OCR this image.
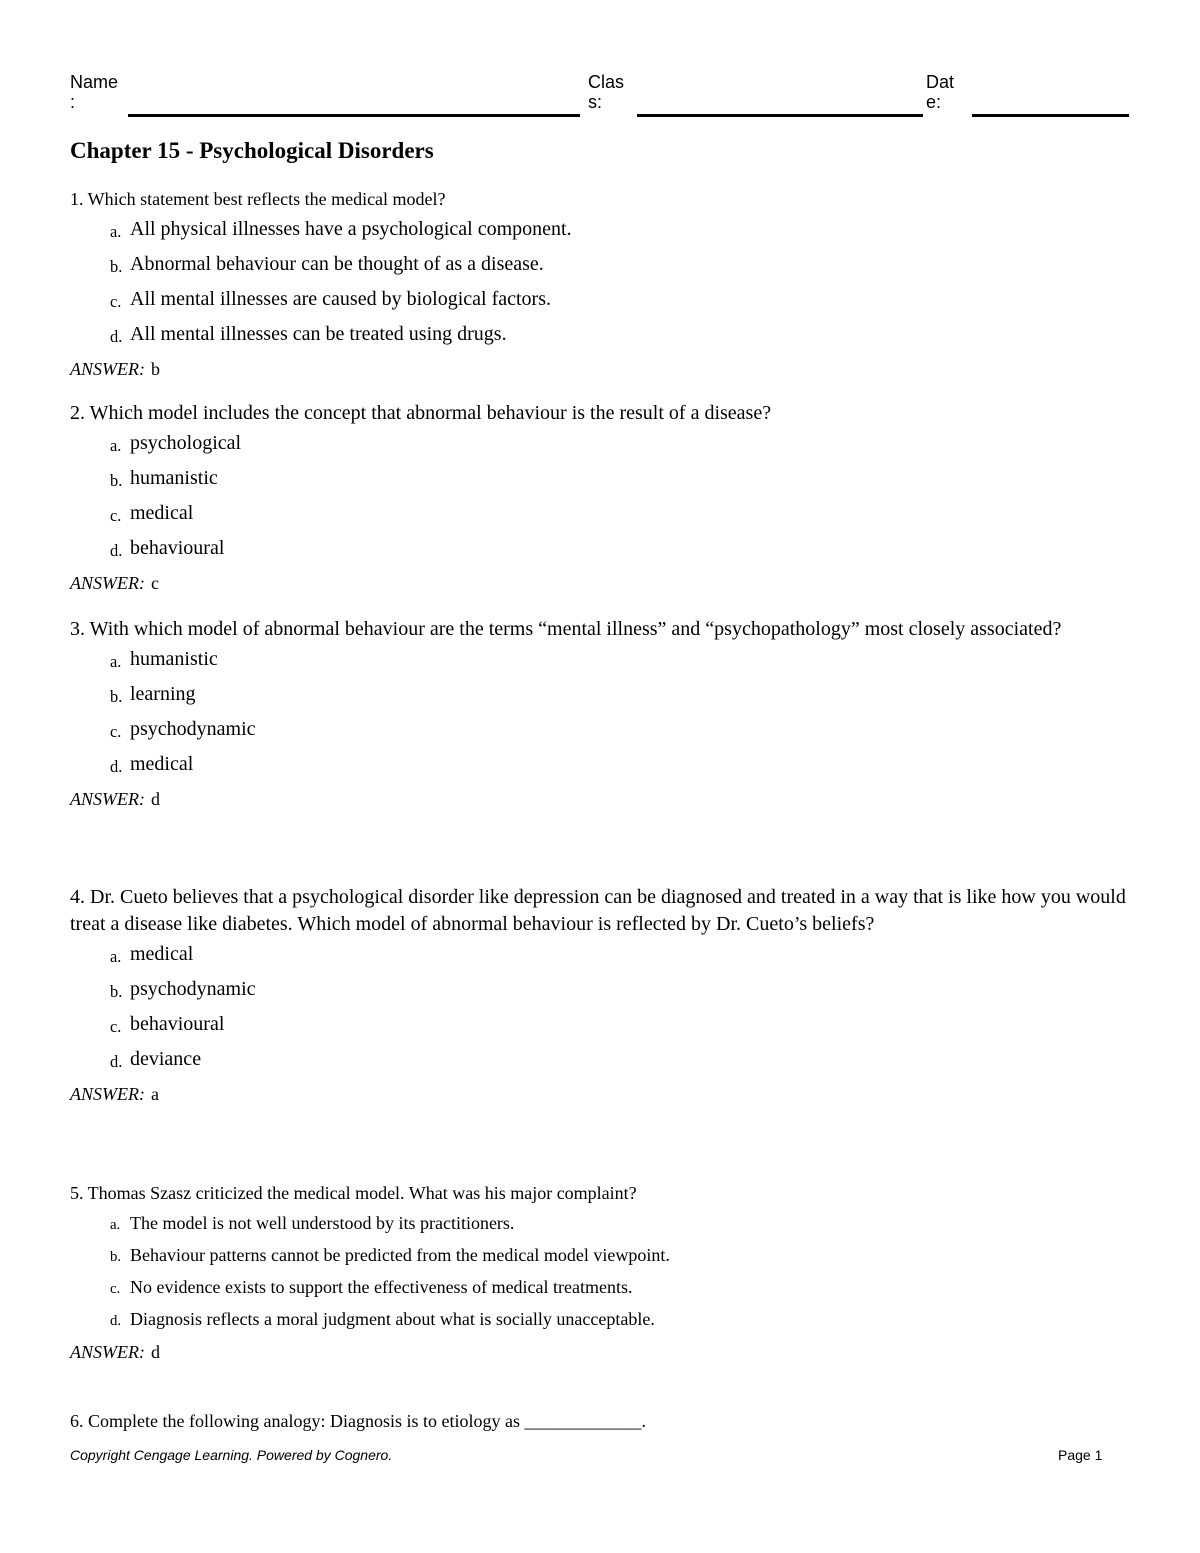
Name
:
Clas
s:
Dat
e:
Chapter 15 - Psychological Disorders

1. Which statement best reflects the medical model?

a. All physical illnesses have a psychological component.
b. Abnormal behaviour can be thought of as a disease.
c. All mental illnesses are caused by biological factors.
d. All mental illnesses can be treated using drugs.
ANSWER: b

2. Which model includes the concept that abnormal behaviour is the result of a disease?

a. psychological
b. humanistic
c. medical
d. behavioural
ANSWER: c

3. With which model of abnormal behaviour are the terms “mental illness” and “psychopathology” most closely associated?

a. humanistic
b. learning
c. psychodynamic
d. medical
ANSWER: d

4. Dr. Cueto believes that a psychological disorder like depression can be diagnosed and treated in a way that is like how you would treat a disease like diabetes. Which model of abnormal behaviour is reflected by Dr. Cueto’s beliefs?

a. medical
b. psychodynamic
c. behavioural
d. deviance
ANSWER: a

5. Thomas Szasz criticized the medical model. What was his major complaint?

a. The model is not well understood by its practitioners.
b. Behaviour patterns cannot be predicted from the medical model viewpoint.
c. No evidence exists to support the effectiveness of medical treatments.
d. Diagnosis reflects a moral judgment about what is socially unacceptable.
ANSWER: d

6. Complete the following analogy: Diagnosis is to etiology as _____________.

Copyright Cengage Learning. Powered by Cognero.	Page 1
